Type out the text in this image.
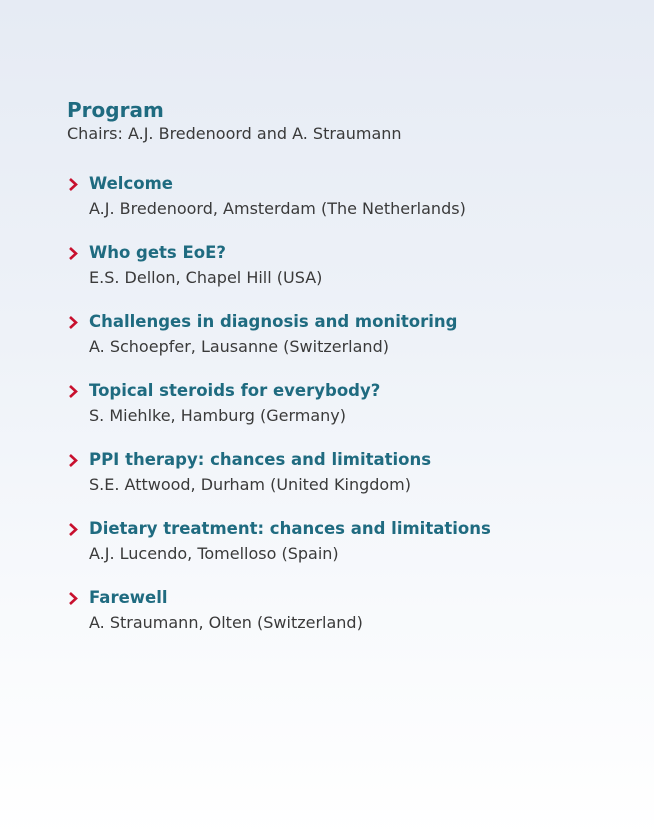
Program
Chairs: A.J. Bredenoord and A. Straumann
Welcome
A.J. Bredenoord, Amsterdam (The Netherlands)
Who gets EoE?
E.S. Dellon, Chapel Hill (USA)
Challenges in diagnosis and monitoring
A. Schoepfer, Lausanne (Switzerland)
Topical steroids for everybody?
S. Miehlke, Hamburg (Germany)
PPI therapy: chances and limitations
S.E. Attwood, Durham (United Kingdom)
Dietary treatment: chances and limitations
A.J. Lucendo, Tomelloso (Spain)
Farewell
A. Straumann, Olten (Switzerland)
